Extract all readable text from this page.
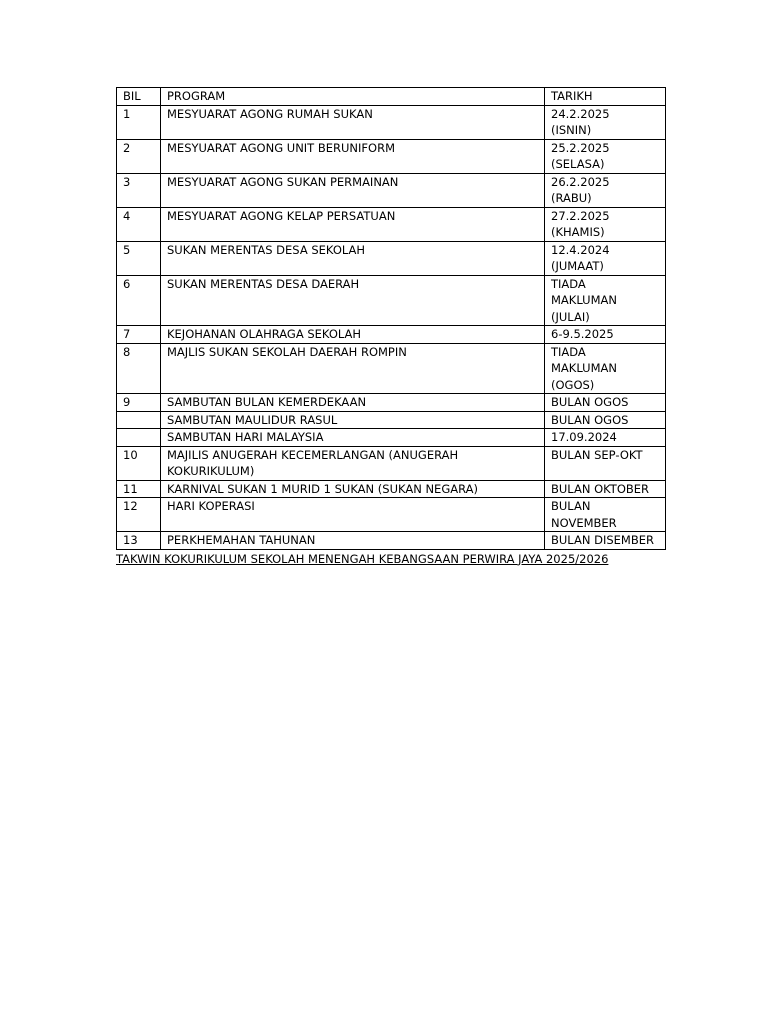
BIL	PROGRAM	TARIKH
1	MESYUARAT AGONG RUMAH SUKAN	24.2.2025
(ISNIN)
2	MESYUARAT AGONG UNIT BERUNIFORM	25.2.2025
(SELASA)
3	MESYUARAT AGONG SUKAN PERMAINAN	26.2.2025
(RABU)
4	MESYUARAT AGONG KELAP PERSATUAN	27.2.2025
(KHAMIS)
5	SUKAN MERENTAS DESA SEKOLAH	12.4.2024
(JUMAAT)
6	SUKAN MERENTAS DESA DAERAH	TIADA
MAKLUMAN
(JULAI)
7	KEJOHANAN OLAHRAGA SEKOLAH	6-9.5.2025
8	MAJLIS SUKAN SEKOLAH DAERAH ROMPIN	TIADA
MAKLUMAN
(OGOS)
9	SAMBUTAN BULAN KEMERDEKAAN	BULAN OGOS
	SAMBUTAN MAULIDUR RASUL	BULAN OGOS
	SAMBUTAN HARI MALAYSIA	17.09.2024
10	MAJILIS ANUGERAH KECEMERLANGAN (ANUGERAH
KOKURIKULUM)	BULAN SEP-OKT
11	KARNIVAL SUKAN 1 MURID 1 SUKAN (SUKAN NEGARA)	BULAN OKTOBER
12	HARI KOPERASI	BULAN
NOVEMBER
13	PERKHEMAHAN TAHUNAN	BULAN DISEMBER
TAKWIN KOKURIKULUM SEKOLAH MENENGAH KEBANGSAAN PERWIRA JAYA 2025/2026
